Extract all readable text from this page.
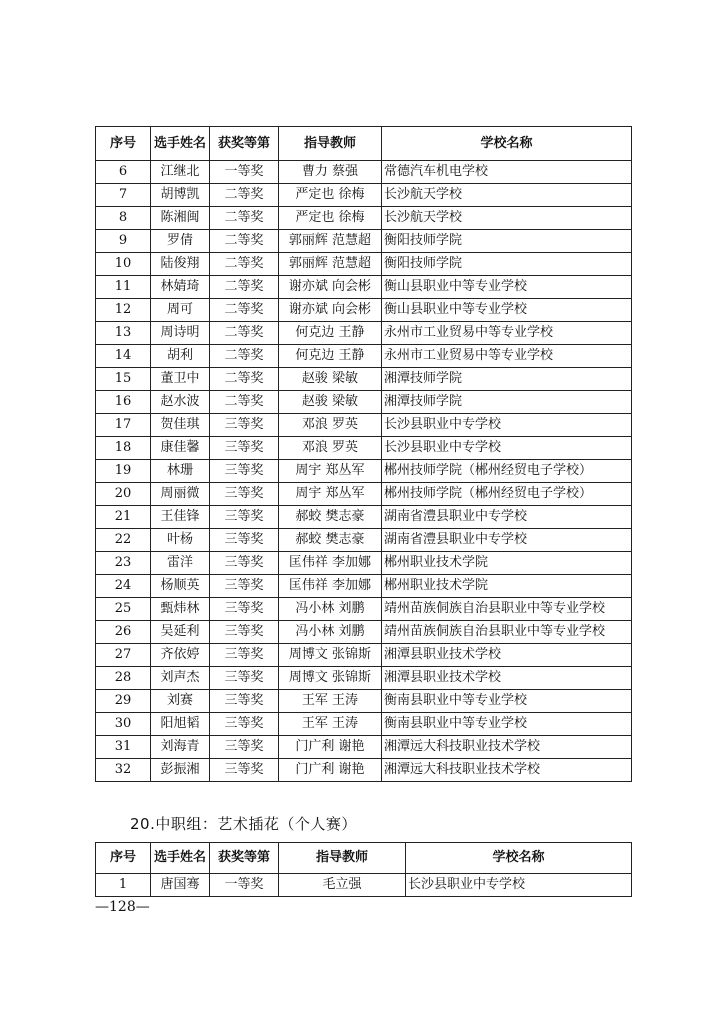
序号	选手姓名	获奖等第	指导教师	学校名称
6	江继北	一等奖	曹力 蔡强	常德汽车机电学校
7	胡博凯	二等奖	严定也 徐梅	长沙航天学校
8	陈湘闽	二等奖	严定也 徐梅	长沙航天学校
9	罗倩	二等奖	郭丽辉 范慧超	衡阳技师学院
10	陆俊翔	二等奖	郭丽辉 范慧超	衡阳技师学院
11	林婧琦	二等奖	谢亦斌 向会彬	衡山县职业中等专业学校
12	周可	二等奖	谢亦斌 向会彬	衡山县职业中等专业学校
13	周诗明	二等奖	何克边 王静	永州市工业贸易中等专业学校
14	胡利	二等奖	何克边 王静	永州市工业贸易中等专业学校
15	董卫中	二等奖	赵骏 梁敏	湘潭技师学院
16	赵水波	二等奖	赵骏 梁敏	湘潭技师学院
17	贺佳琪	三等奖	邓浪 罗英	长沙县职业中专学校
18	康佳馨	三等奖	邓浪 罗英	长沙县职业中专学校
19	林珊	三等奖	周宇 郑丛军	郴州技师学院（郴州经贸电子学校）
20	周丽微	三等奖	周宇 郑丛军	郴州技师学院（郴州经贸电子学校）
21	王佳锋	三等奖	郝蛟 樊志豪	湖南省澧县职业中专学校
22	叶杨	三等奖	郝蛟 樊志豪	湖南省澧县职业中专学校
23	雷洋	三等奖	匡伟祥 李加娜	郴州职业技术学院
24	杨顺英	三等奖	匡伟祥 李加娜	郴州职业技术学院
25	甄炜林	三等奖	冯小林 刘鹏	靖州苗族侗族自治县职业中等专业学校
26	吴延利	三等奖	冯小林 刘鹏	靖州苗族侗族自治县职业中等专业学校
27	齐依婷	三等奖	周博文 张锦斯	湘潭县职业技术学校
28	刘声杰	三等奖	周博文 张锦斯	湘潭县职业技术学校
29	刘赛	三等奖	王军 王涛	衡南县职业中等专业学校
30	阳旭韬	三等奖	王军 王涛	衡南县职业中等专业学校
31	刘海青	三等奖	门广利 谢艳	湘潭远大科技职业技术学校
32	彭振湘	三等奖	门广利 谢艳	湘潭远大科技职业技术学校
20.中职组：艺术插花（个人赛）
序号	选手姓名	获奖等第	指导教师	学校名称
1	唐国骞	一等奖	毛立强	长沙县职业中专学校
—128—
